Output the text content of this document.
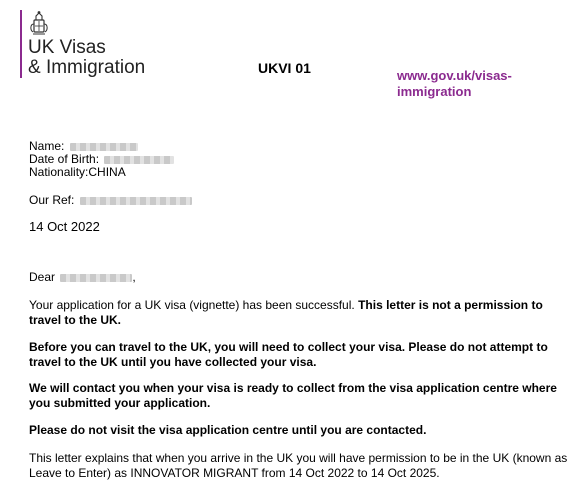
UK Visas
& Immigration	UKVI 01	www.gov.uk/visas-immigration
Name:
Date of Birth:
Nationality:CHINA
Our Ref:
14 Oct 2022
Dear	,
Your application for a UK visa (vignette) has been successful. This letter is not a permission to travel to the UK.
Before you can travel to the UK, you will need to collect your visa. Please do not attempt to travel to the UK until you have collected your visa.
We will contact you when your visa is ready to collect from the visa application centre where you submitted your application.
Please do not visit the visa application centre until you are contacted.
This letter explains that when you arrive in the UK you will have permission to be in the UK (known as Leave to Enter) as INNOVATOR MIGRANT from 14 Oct 2022 to 14 Oct 2025.
